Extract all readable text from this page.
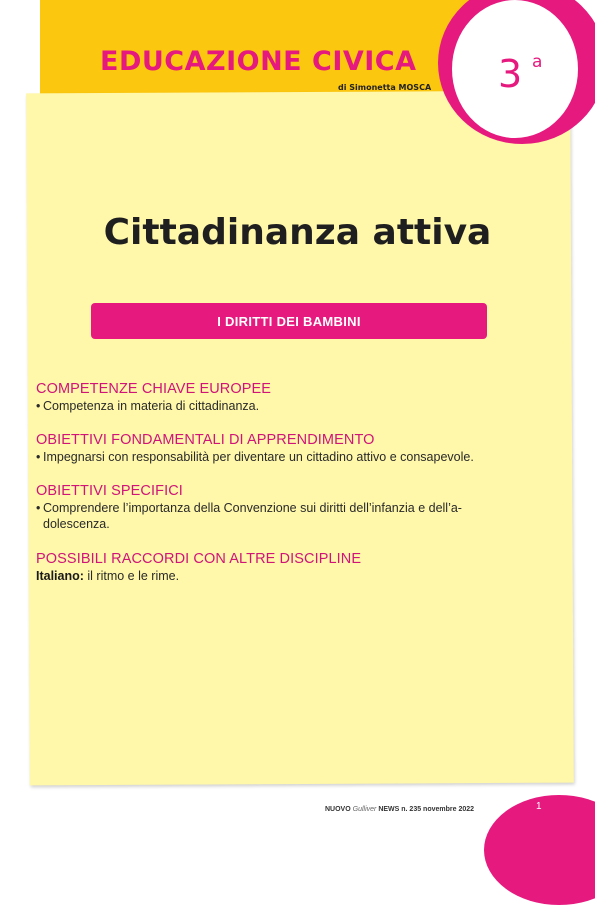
EDUCAZIONE CIVICA
di Simonetta MOSCA 3 a
Cittadinanza attiva
I DIRITTI DEI BAMBINI
COMPETENZE CHIAVE EUROPEE

• Competenza in materia di cittadinanza.

OBIETTIVI FONDAMENTALI DI APPRENDIMENTO

• Impegnarsi con responsabilità per diventare un cittadino attivo e consapevole.

OBIETTIVI SPECIFICI

• Comprendere l’importanza della Convenzione sui diritti dell’infanzia e dell’a-

dolescenza.

POSSIBILI RACCORDI CON ALTRE DISCIPLINE

Italiano: il ritmo e le rime.

NUOVO Gulliver NEWS n. 235 novembre 2022	1
